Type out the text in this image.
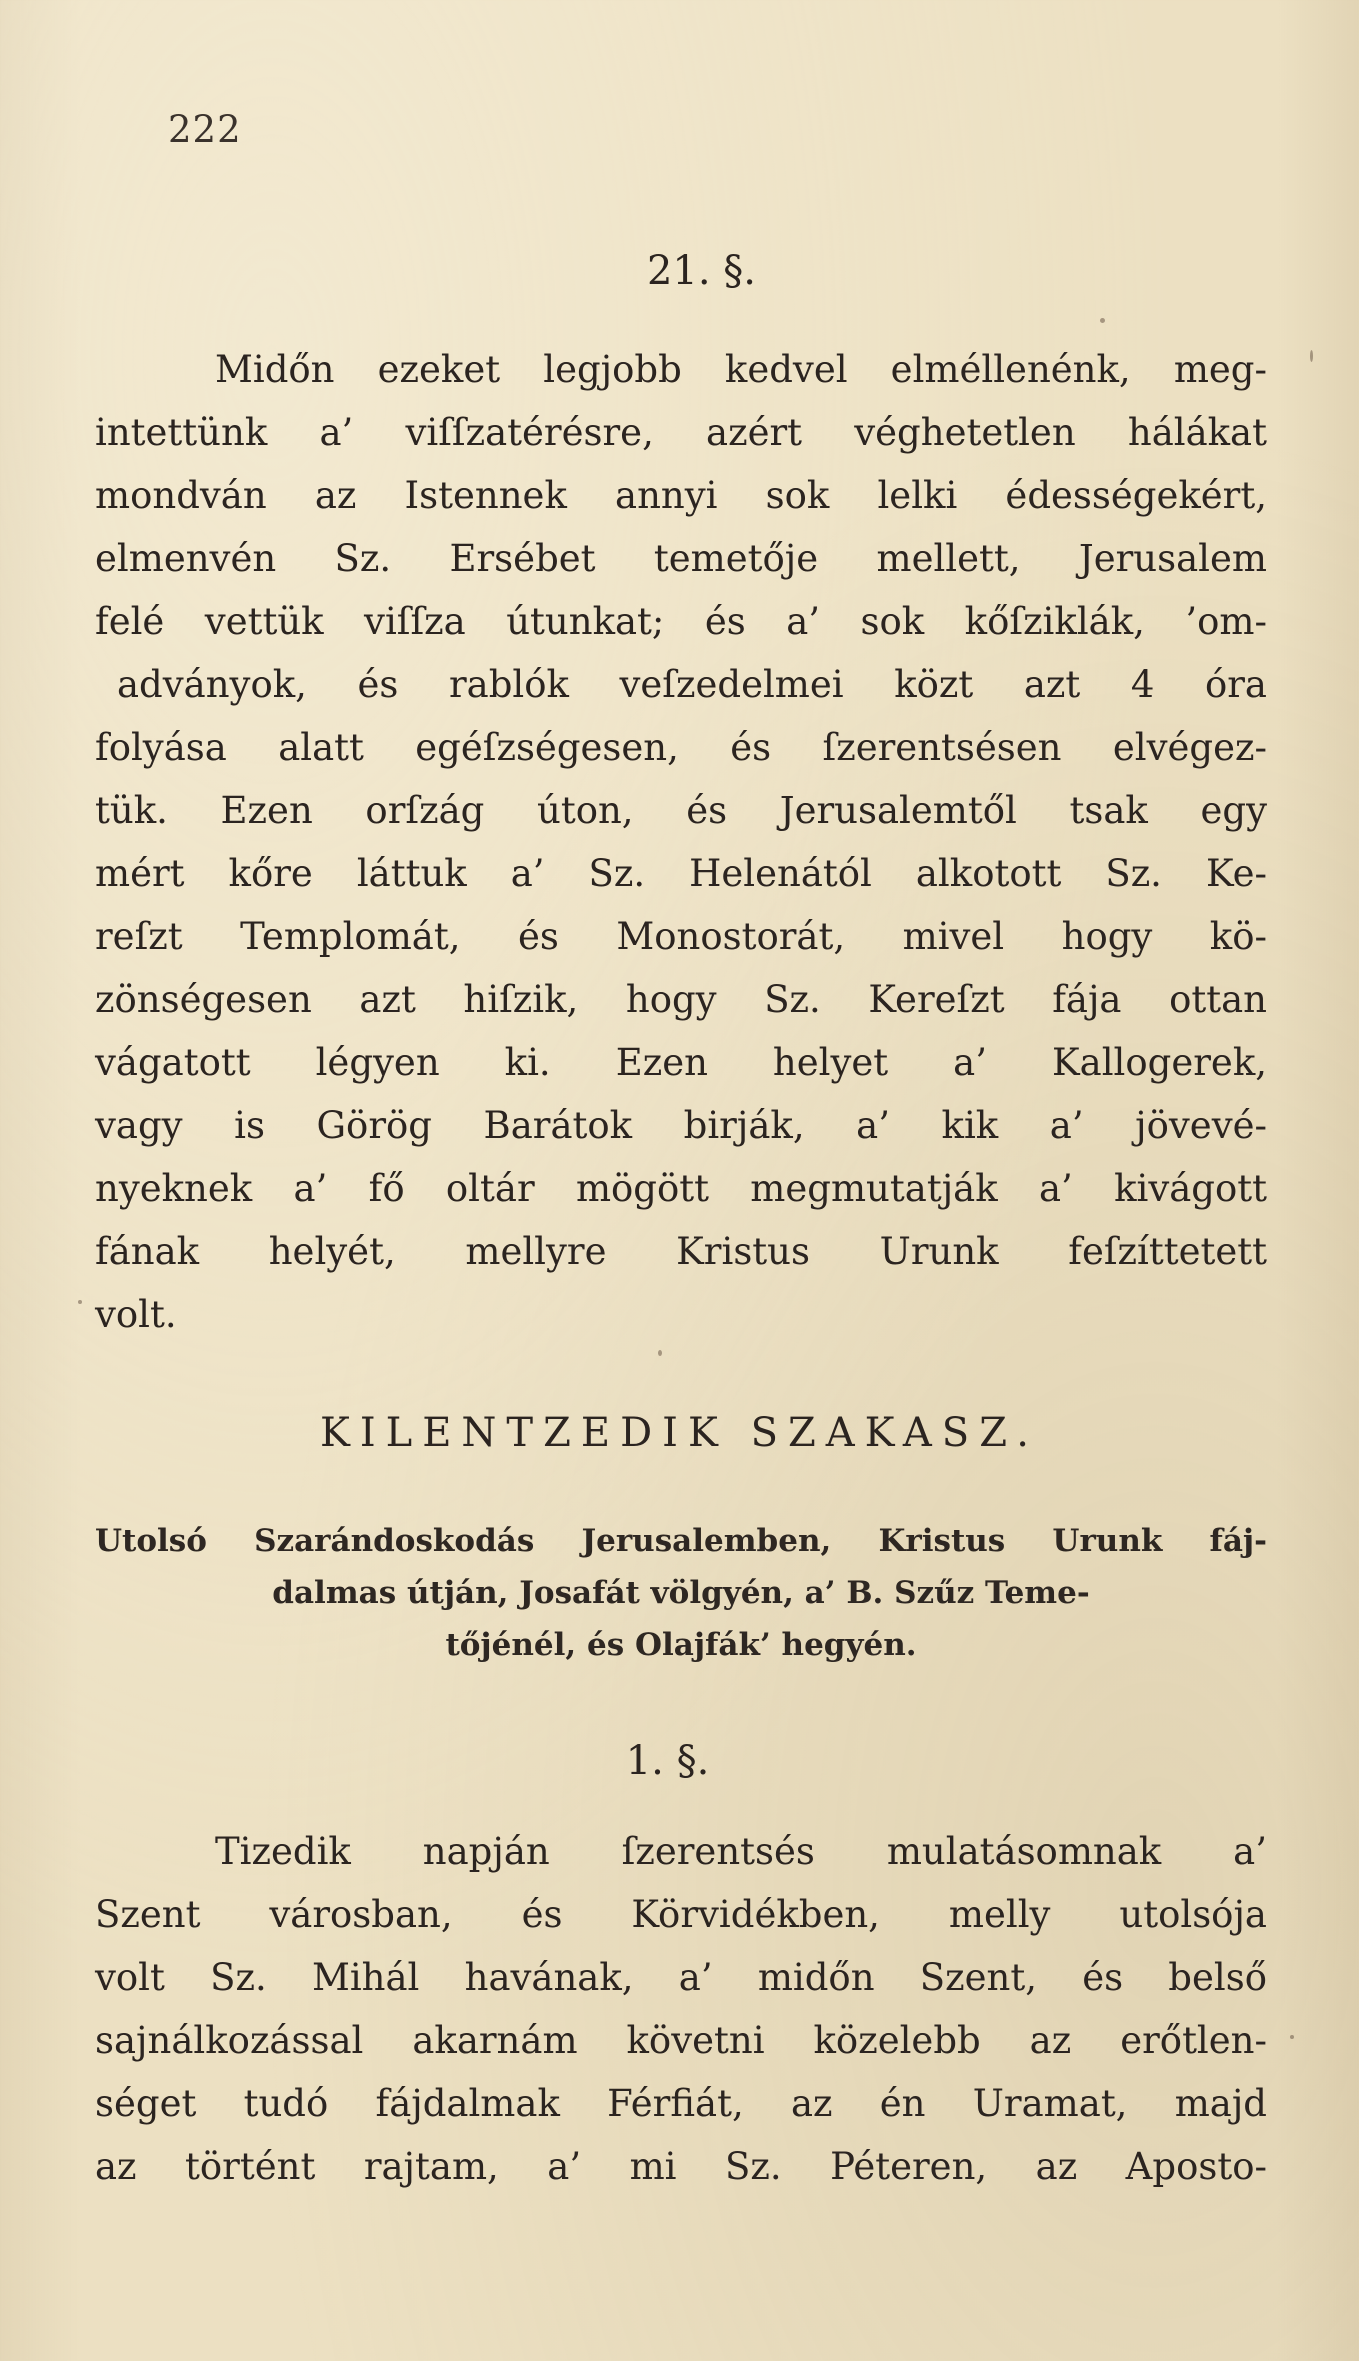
222
21. §.
Midőn ezeket legjobb kedvel elméllenénk, meg-
intettünk a’ viſſzatérésre, azért véghetetlen hálákat
mondván az Istennek annyi sok lelki édességekért,
elmenvén Sz. Ersébet temetője mellett, Jerusalem
felé vettük viſſza útunkat; és a’ sok kőſziklák, ’om-
adványok, és rablók veſzedelmei közt azt 4 óra
folyása alatt egéſzségesen, és ſzerentsésen elvégez-
tük. Ezen orſzág úton, és Jerusalemtől tsak egy
mért kőre láttuk a’ Sz. Helenától alkotott Sz. Ke-
reſzt Templomát, és Monostorát, mivel hogy kö-
zönségesen azt hiſzik, hogy Sz. Kereſzt fája ottan
vágatott légyen ki. Ezen helyet a’ Kallogerek,
vagy is Görög Barátok birják, a’ kik a’ jövevé-
nyeknek a’ fő oltár mögött megmutatják a’ kivágott
fának helyét, mellyre Kristus Urunk feſzíttetett
volt.
KILENTZEDIK SZAKASZ.
Utolsó Szarándoskodás Jerusalemben, Kristus Urunk fáj-
dalmas útján, Josafát völgyén, a’ B. Szűz Teme-
tőjénél, és Olajfák’ hegyén.
1. §.
Tizedik napján ſzerentsés mulatásomnak a’
Szent városban, és Körvidékben, melly utolsója
volt Sz. Mihál havának, a’ midőn Szent, és belső
sajnálkozással akarnám követni közelebb az erőtlen-
séget tudó fájdalmak Férfiát, az én Uramat, majd
az történt rajtam, a’ mi Sz. Péteren, az Aposto-
